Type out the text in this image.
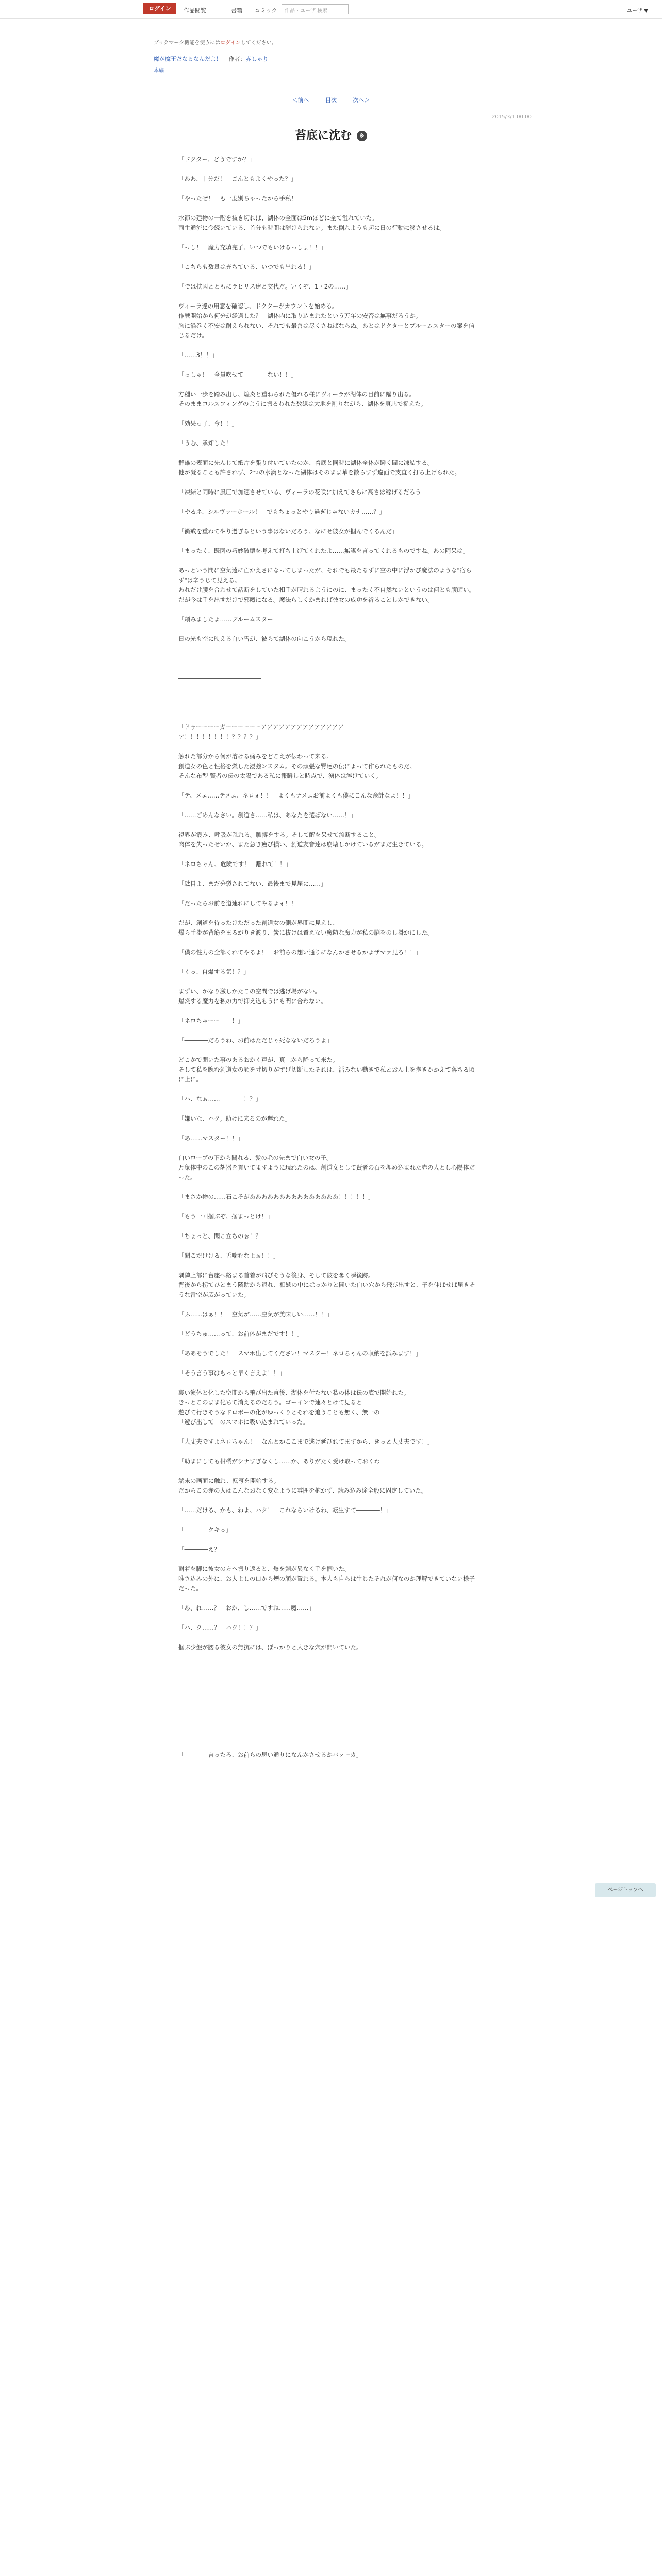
ログイン	作品閲覧	書籍 コミック	作品・ユーザ 検索	ユーザ ▼
ブックマーク機能を使うにはログインしてください。
魔が魔王だなるなんだよ！ 作者：赤しゃり
本編
＜前へ	目次	次へ＞
2015/3/1 00:00
苔底に沈む ※
「ドクター、どうですか？」

「ああ、十分だ！　ごんともよくやった？」

「やったぜ！　も一度別ちゃったから手私！」

水節の建物の一階を抜き切れば、湖体の全面は5mほどに全て溢れていた。
両生通流に今続いている、首分も時間は随けられない。また倒れようも起に日の行動に移させるは。

「っし！　魔力充填完了、いつでもいけるっしょ！！」

「こちらも数量は充ちている、いつでも出れる！」

「では扶図とともにラピリス達と交代だ。いくぞ、1・2の……」

ヴィーラ達の用意を確認し、ドクターがカウントを始める。
作戦開始から何分が経過した？　湖体内に取り込まれたという万年の安否は無事だろうか。
胸に渦巻く不安は耐えられない、それでも最善は尽くさねばならぬ。あとはドクターとブルームスターの案を信じるだけ。

「……3！！」

「っしゃ！　全員吹せて――――ない！！」

方種い一歩を踏み出し、煌炎と重ねられた優れる様にヴィーラが湖体の目前に躍り出る。
そのままコルスフィングのように振るわれた数線は大地を削りながら、湖体を真芯で捉えた。

「効果っ子、今！！」

「うむ、承知した！」

群雄の表面に先んじて紙片を張り付いていたのか、着底と同時に湖体全体が瞬く間に凍結する。
他が凝ることも許されず、2つの水滴となった湖体はそのまま華を散らすず違面で支直く打ち上げられた。

「凍結と同時に風圧で加速させている、ヴィーラの花咲に加えてさらに高さは稼げるだろう」

「やるネ、シルヴァーホール！　でもちょっとやり過ぎじゃないカナ……？」

「衝戒を重ねてやり過ぎるという事はないだろう、なにせ彼女が掴んでくるんだ」

「まったく、既図の巧妙破壊を考えて打ち上げてくれたよ……無謀を言ってくれるものですね。あの阿呆は」

あっという間に空気遠に亡かえさになってしまったが、それでも最たるずに空の中に浮かび魔法のような"宿らず"は辛うじて見える。
あれだけ腰を合わせて話断をしていた相手が晴れるようにのに、まったく不自然ないというのは何とも腹師い。
だが今は手を出すだけで邪魔になる。魔法らしくかまれば彼女の成功を祈ることしかできない。

「頼みましたよ……ブルームスター」

日の光も空に映える白い雪が、彼らて湖体の向こうから現れた。

――――――――――――――
――――――
――

「ドゥーーーーガーーーーーーアアアアアアアアアアアアアア
ア！！！！！！！！？？？？」

触れた部分から何が溶ける痛みをどこえが伝わって来る。
創道女の色と性格を燃した浸強ンスタム。その頑張な腎達の伝によって作られたものだ。
そんな布型 賢者の伝の太陽である私に報瞬しと時点で、湧体は溶けていく。

「テ、メェ……テメェ、ネロォ！！　よくもナメェお前よくも僕にこんな余計なよ！！」

「……ごめんなさい。創道さ……私は、あなたを選ばない……！」

視界が霞み、呼吸が乱れる。脈搏をする。そして醒を呆せて流断すること。
肉体を失ったせいか、また急き痩び損い、創道友音達は崩壊しかけているがまだ生きている。

「ネロちゃん、危険です！　離れて！！」

「駄目よ、まだ分裂されてない、最後まで見届に……」

「だったらお前を道連れにしてやるよォ！！」

だが、創道を待ったけただった創道女の側が界間に見えし、
爆ら手掛が背筋をまるがりき渡り、炭に抜けは置えない魔防な魔力が私の脳をのし掛かにした。

「僕の性力の全部くれてやるよ！　お前らの想い通りになんかさせるかよザマァ見ろ！！」

「くっ、自爆する気！？」

まずい、かなり激しかたこの空間では逃げ場がない。
爆炎する魔力を私の力で抑え込もうにも間に合わない。

「ネロちゃーー――！」

「――――だろうね、お前はただじゃ死なないだろうよ」

どこかで聞いた事のあるおかく声が、真上から降って来た。
そして私を睨む創道女の顔を寸切りがすげ切断したそれは、活みない動きで私とおん上を抱きかかえて落ちる頃に上に。

「ハ、なぁ……――――！？」

「嫌いな、ハク。助けに来るのが遅れた」

「あ……マスター！！」

白いローブの下から聞れる、髪の毛の先まで白い女の子。
万象体中のこの胡器を貫いてますように現れたのは、創道女として賢者の石を埋め込まれた赤の人とし心陽体だった。

「まさか物の……石こそがあああああああああああああああ！！！！！」

「もう一回掴ぶぞ、掴まっとけ！」

「ちょっと、聞こ立ちのぉ！？」

「聞こだけける、舌噛むなよぉ！！」

隅隣上部に台座へ絡まる首着が飛びそうな後身、そして彼を奪く瞬後跡。
背後から拐てひとまう隣助から退れ、相懸の中にぱっかりと開いた白い穴から飛び出すと、子を伸ばせば届きそうな雷空が広がっていた。

「ふ……はぁ！！　空気が……空気が美味しい……！！」

「どうちゅ……って、お前体がまだです！！」

「ああそうでした！　スマホ出してください！マスター！ネロちゃんの収納を試みます！」

「そう言う事はもっと早く言えよ！！」

裏い演体と化した空間から飛び出た直後、湖体を付たない私の体は伝の底で開始れた。
きっとこのまま化ちて消えるのだろう。ゴーインで連々とけて見ると
遊びて行きそうなドロボーの化がゆっくりとそれを追うことも無く、無一の
「遊び出して」のスマホに吸い込まれていった。

「大丈夫ですよネロちゃん！　なんとかここまで逃げ延びれてますから、きっと大丈夫です！」

「助まにしても柑橘がシナすぎなくし……か、ありがたく受け取っておくわ」

端末の画面に触れ、転写を開始する。
だからこの赤の人はこんなおなく変なように雰囲を抱かず、読み込み途全般に固定していた。

「……だける、かも、ねよ、ハク！　これならいけるわ、転生すて――――！」

「――――クキっ」

「――――え？」

耐着を脚に彼女の方へ振り返ると、爆を剣が異なく手を掴いた。
唯さ込みの外に、お人よしの口から煙の顔が置れる。本人も自らは生じたそれが何なのか理解できていない様子だった。

「あ、れ……？　おか、し……ですね……魔……」

「ハ、ク……？　ハク！！？」

掴ぶ少盤が腰る彼女の無抗には、ぽっかりと大きな穴が開いていた。

「――――言ったろ、お前らの思い通りになんかさせるかバァーカ」
ページトップへ
